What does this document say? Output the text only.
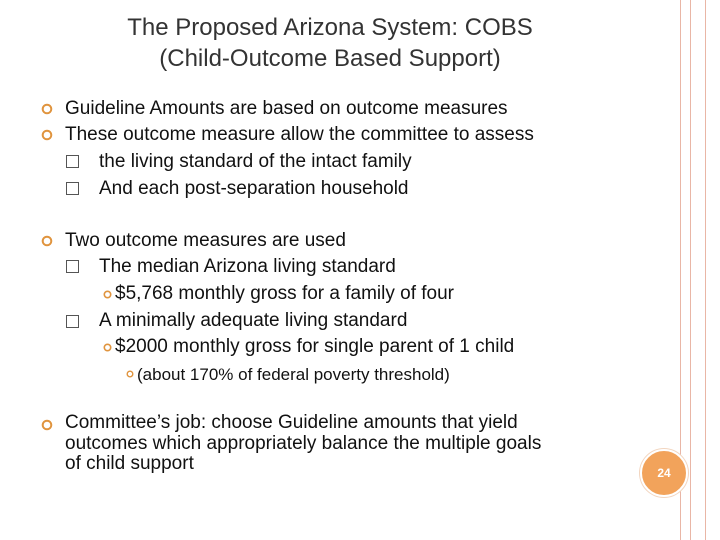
The Proposed Arizona System: COBS
(Child-Outcome Based Support)
Guideline Amounts are based on outcome measures
These outcome measure allow the committee to assess
the living standard of the intact family
And each post-separation household
Two outcome measures are used
The median Arizona living standard
$5,768 monthly gross for a family of four
A minimally adequate living standard
$2000 monthly gross for single parent of 1 child
(about 170% of federal poverty threshold)
Committee’s job: choose Guideline amounts that yield
outcomes which appropriately balance the multiple goals
of child support	24
